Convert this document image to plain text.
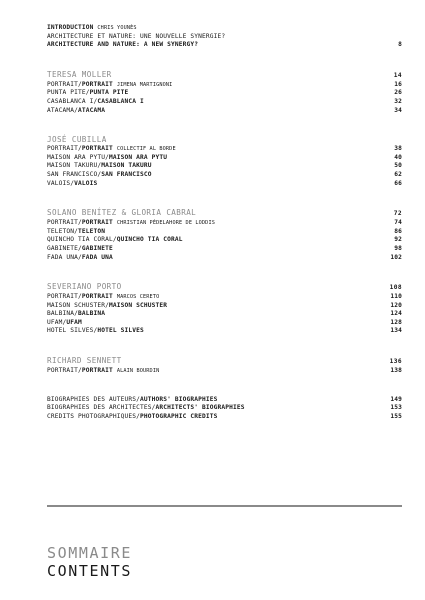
INTRODUCTION CHRIS YOUNÈS
ARCHITECTURE ET NATURE: UNE NOUVELLE SYNERGIE?
ARCHITECTURE AND NATURE: A NEW SYNERGY?	8
TERESA MOLLER	14
PORTRAIT/PORTRAIT JIMENA MARTIGNONI	16
PUNTA PITE/PUNTA PITE	26
CASABLANCA I/CASABLANCA I	32
ATACAMA/ATACAMA	34
JOSÉ CUBILLA
PORTRAIT/PORTRAIT COLLECTIF AL BORDE	38
MAISON ARA PYTU/MAISON ARA PYTU	40
MAISON TAKURU/MAISON TAKURU	50
SAN FRANCISCO/SAN FRANCISCO	62
VALOIS/VALOIS	66
SOLANO BENÍTEZ & GLORIA CABRAL	72
PORTRAIT/PORTRAIT CHRISTIAN PÉDELAHORE DE LODDIS	74
TELETÓN/TELETÓN	86
QUINCHO TÍA CORAL/QUINCHO TÍA CORAL	92
GABINETE/GABINETE	98
FADA UNA/FADA UNA	102
SEVERIANO PORTO	108
PORTRAIT/PORTRAIT MARCOS CERETO	110
MAISON SCHUSTER/MAISON SCHUSTER	120
BALBINA/BALBINA	124
UFAM/UFAM	128
HÔTEL SILVES/HÔTEL SILVES	134
RICHARD SENNETT	136
PORTRAIT/PORTRAIT ALAIN BOURDIN	138
BIOGRAPHIES DES AUTEURS/AUTHORS' BIOGRAPHIES	149
BIOGRAPHIES DES ARCHITECTES/ARCHITECTS' BIOGRAPHIES	153
CRÉDITS PHOTOGRAPHIQUES/PHOTOGRAPHIC CREDITS	155
SOMMAIRE
CONTENTS
